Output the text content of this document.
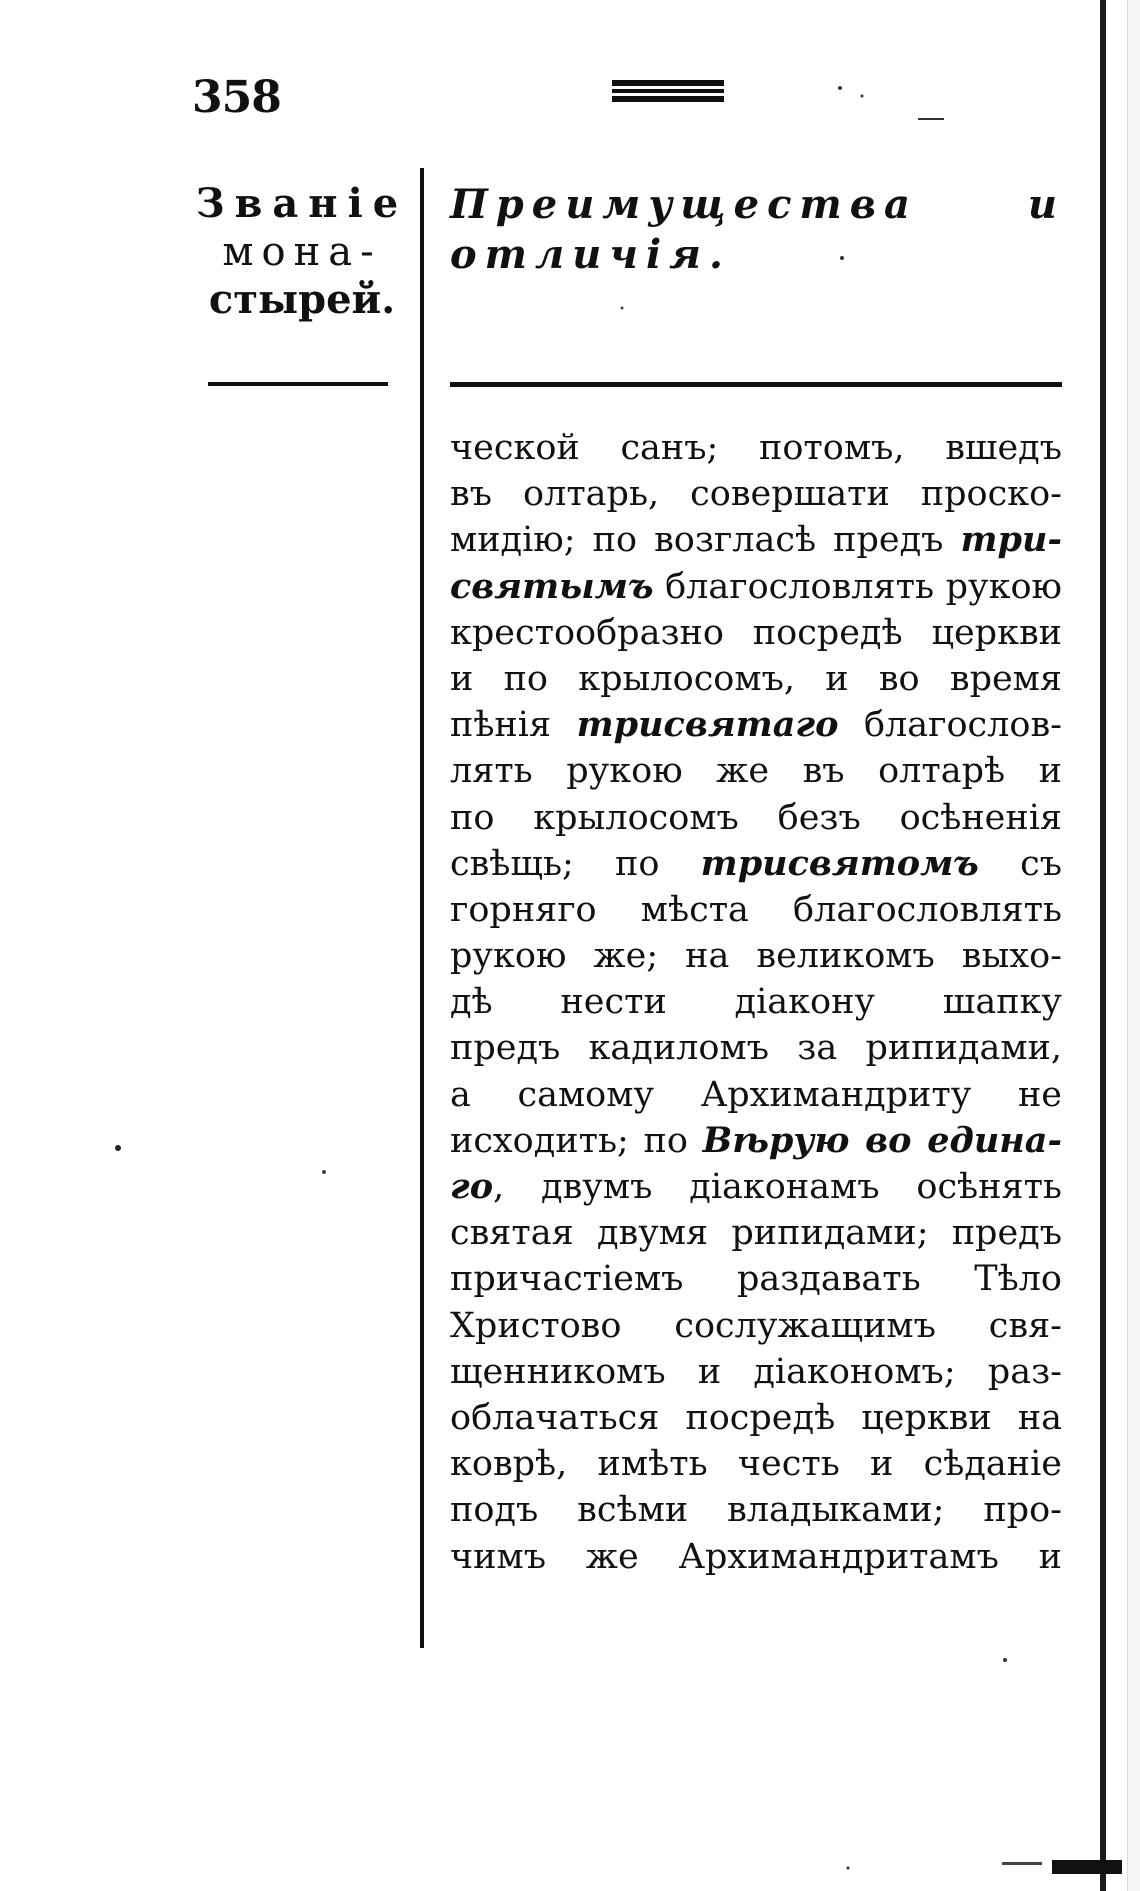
358
Званіе
мона-
стырей.
Преимущества и
отличія.
ческой санъ; потомъ, вшедъ
въ олтарь, совершати проско-
мидію; по возгласѣ предъ три-
святымъ благословлять рукою
крестообразно посредѣ церкви
и по крылосомъ, и во время
пѣнія трисвятаго благослов-
лять рукою же въ олтарѣ и
по крылосомъ безъ осѣненія
свѣщь; по трисвятомъ съ
горняго мѣста благословлять
рукою же; на великомъ выхо-
дѣ нести діакону шапку
предъ кадиломъ за рипидами,
а самому Архимандриту не
исходить; по Вѣрую во едина-
го, двумъ діаконамъ осѣнять
святая двумя рипидами; предъ
причастіемъ раздавать Тѣло
Христово сослужащимъ свя-
щенникомъ и діакономъ; раз-
облачаться посредѣ церкви на
коврѣ, имѣть честь и сѣданіе
подъ всѣми владыками; про-
чимъ же Архимандритамъ и
